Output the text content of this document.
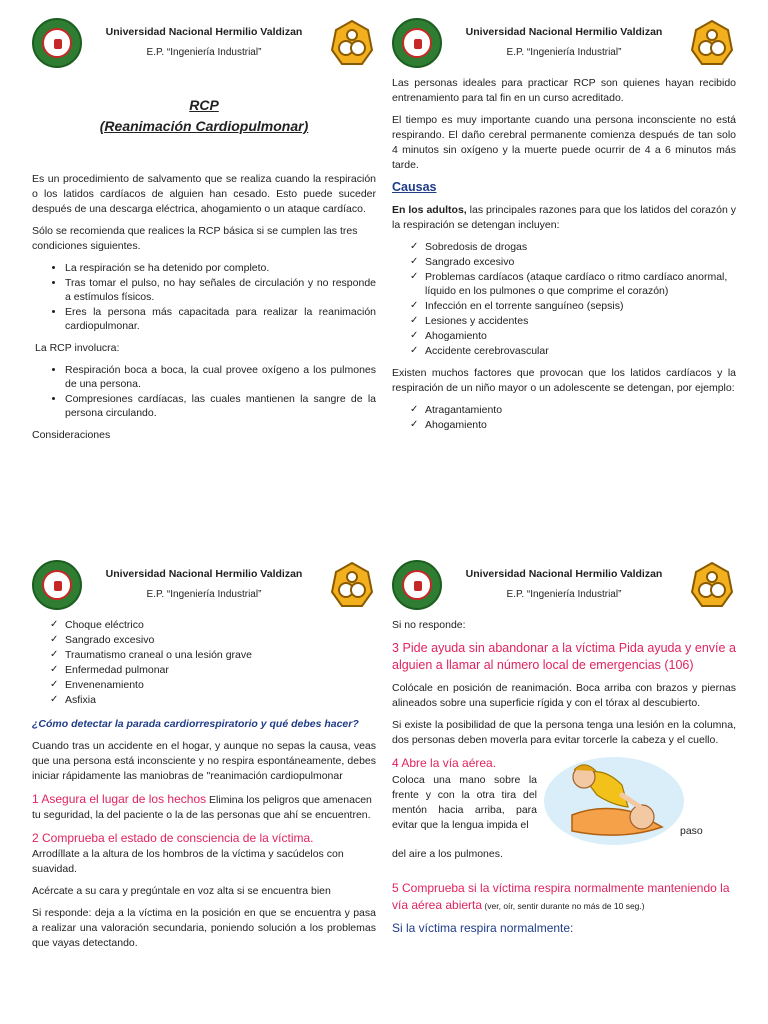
Universidad Nacional Hermilio Valdizan
E.P. “Ingeniería Industrial”

RCP

(Reanimación Cardiopulmonar)

Es un procedimiento de salvamento que se realiza cuando la respiración o los latidos cardíacos de alguien han cesado. Esto puede suceder después de una descarga eléctrica, ahogamiento o un ataque cardíaco.

Sólo se recomienda que realices la RCP básica si se cumplen las tres condiciones siguientes.

• La respiración se ha detenido por completo.
• Tras tomar el pulso, no hay señales de circulación y no responde a estímulos físicos.
• Eres la persona más capacitada para realizar la reanimación cardiopulmonar.

La RCP involucra:

• Respiración boca a boca, la cual provee oxígeno a los pulmones de una persona.
• Compresiones cardíacas, las cuales mantienen la sangre de la persona circulando.

Consideraciones

Universidad Nacional Hermilio Valdizan
E.P. “Ingeniería Industrial”

Las personas ideales para practicar RCP son quienes hayan recibido entrenamiento para tal fin en un curso acreditado.

El tiempo es muy importante cuando una persona inconsciente no está respirando. El daño cerebral permanente comienza después de tan solo 4 minutos sin oxígeno y la muerte puede ocurrir de 4 a 6 minutos más tarde.

Causas

En los adultos, las principales razones para que los latidos del corazón y la respiración se detengan incluyen:

✓ Sobredosis de drogas
✓ Sangrado excesivo
✓ Problemas cardíacos (ataque cardíaco o ritmo cardíaco anormal, líquido en los pulmones o que comprime el corazón)
✓ Infección en el torrente sanguíneo (sepsis)
✓ Lesiones y accidentes
✓ Ahogamiento
✓ Accidente cerebrovascular

Existen muchos factores que provocan que los latidos cardíacos y la respiración de un niño mayor o un adolescente se detengan, por ejemplo:

✓ Atragantamiento
✓ Ahogamiento
Universidad Nacional Hermilio Valdizan
E.P. “Ingeniería Industrial”
✓ Choque eléctrico
✓ Sangrado excesivo
✓ Traumatismo craneal o una lesión grave
✓ Enfermedad pulmonar
✓ Envenenamiento
✓ Asfixia

¿Cómo detectar la parada cardiorrespiratorio y qué debes hacer?

Cuando tras un accidente en el hogar, y aunque no sepas la causa, veas que una persona está inconsciente y no respira espontáneamente, debes iniciar rápidamente las maniobras de "reanimación cardiopulmonar

1 Asegura el lugar de los hechos Elimina los peligros que amenacen tu seguridad, la del paciente o la de las personas que ahí se encuentren.

2 Comprueba el estado de consciencia de la víctima.

Arrodíllate a la altura de los hombros de la víctima y sacúdelos con suavidad.

Acércate a su cara y pregúntale en voz alta si se encuentra bien

Si responde: deja a la víctima en la posición en que se encuentra y pasa a realizar una valoración secundaria, poniendo solución a los problemas que vayas detectando.

Universidad Nacional Hermilio Valdizan
E.P. “Ingeniería Industrial”

Si no responde:

3 Pide ayuda sin abandonar a la víctima Pida ayuda y envíe a alguien a llamar al número local de emergencias (106)

Colócale en posición de reanimación. Boca arriba con brazos y piernas alineados sobre una superficie rígida y con el tórax al descubierto.

Si existe la posibilidad de que la persona tenga una lesión en la columna, dos personas deben moverla para evitar torcerle la cabeza y el cuello.

4 Abre la vía aérea.

Coloca una mano sobre la frente y con la otra tira del mentón hacia arriba, para evitar que la lengua impida el	paso

del aire a los pulmones.

5 Comprueba si la víctima respira normalmente manteniendo la vía aérea abierta (ver, oír, sentir durante no más de 10 seg.)

Si la víctima respira normalmente:
